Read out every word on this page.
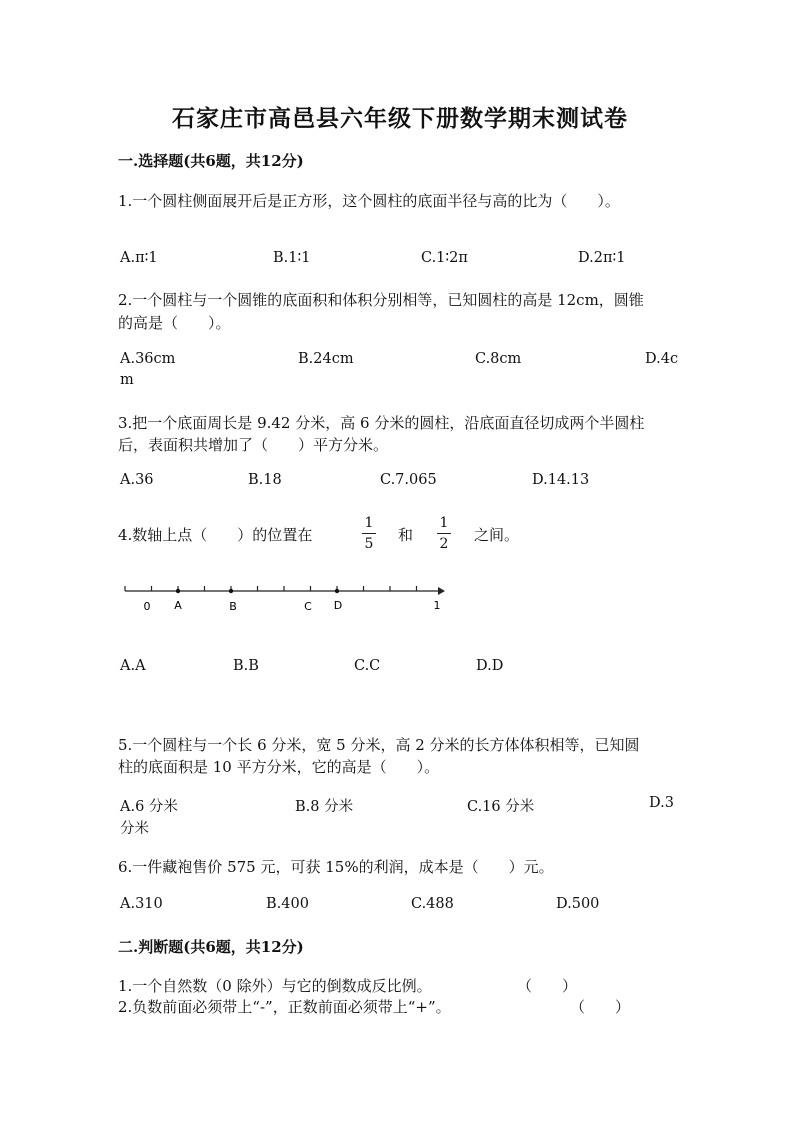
石家庄市高邑县六年级下册数学期末测试卷
一.选择题(共6题，共12分)
1.一个圆柱侧面展开后是正方形，这个圆柱的底面半径与高的比为（　　）。
A.π∶1	B.1∶1	C.1∶2π	D.2π∶1
2.一个圆柱与一个圆锥的底面积和体积分别相等，已知圆柱的高是 12cm，圆锥
的高是（　　）。
A.36cm	B.24cm	C.8cm	D.4c
m
3.把一个底面周长是 9.42 分米，高 6 分米的圆柱，沿底面直径切成两个半圆柱
后，表面积共增加了（　　）平方分米。
A.36	B.18	C.7.065	D.14.13
4.数轴上点（　　）的位置在
1
5 和
1
2 之间。
0 A	B	C D	1
A.A	B.B	C.C	D.D
5.一个圆柱与一个长 6 分米，宽 5 分米，高 2 分米的长方体体积相等，已知圆
柱的底面积是 10 平方分米，它的高是（　　）。
A.6 分米	B.8 分米	C.16 分米	D.3
分米
6.一件藏袍售价 575 元，可获 15%的利润，成本是（　　）元。
A.310	B.400	C.488	D.500
二.判断题(共6题，共12分)
1.一个自然数（0 除外）与它的倒数成反比例。	（　　）
2.负数前面必须带上“-”，正数前面必须带上“+”。	（　　）
